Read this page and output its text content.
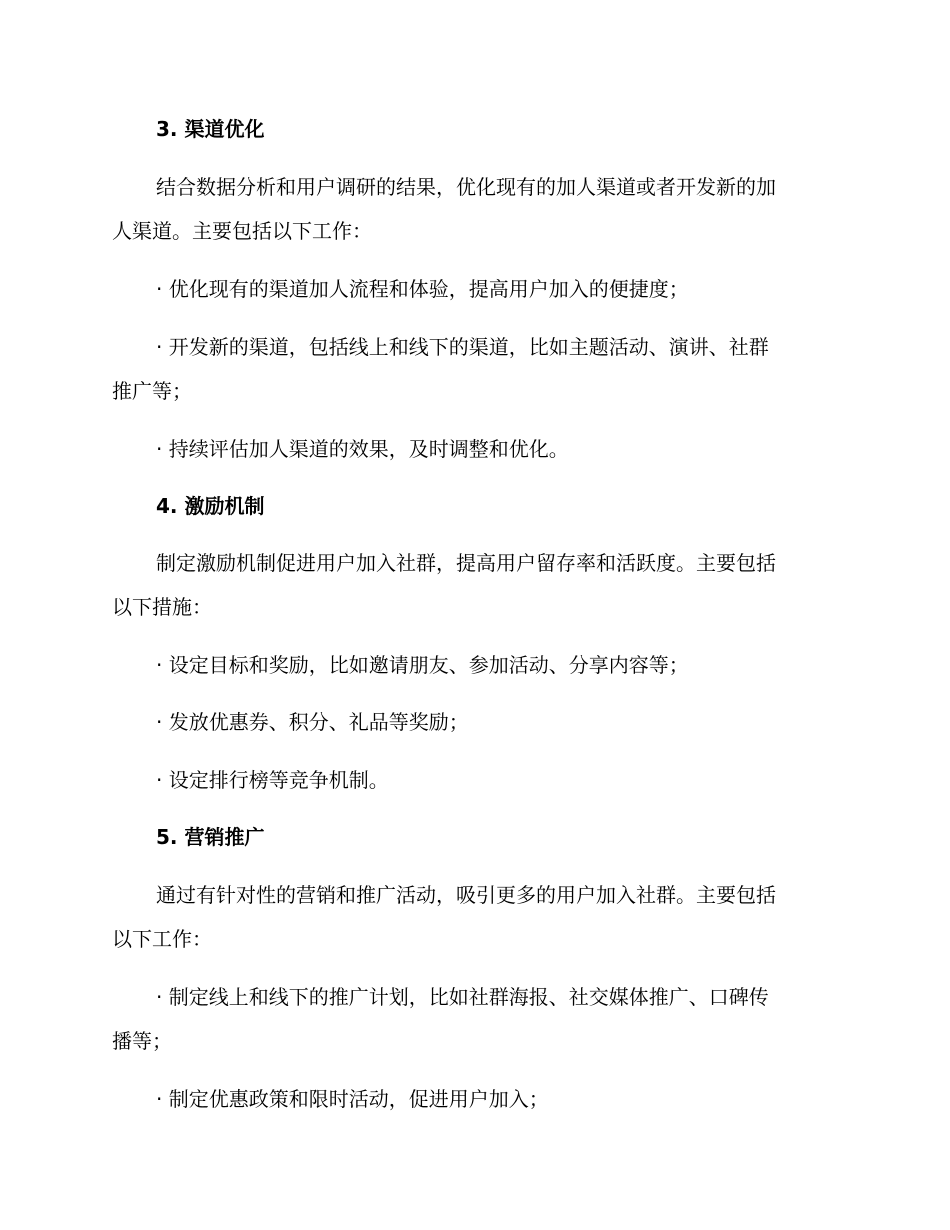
3. 渠道优化
结合数据分析和用户调研的结果，优化现有的加人渠道或者开发新的加
人渠道。主要包括以下工作：
· 优化现有的渠道加人流程和体验，提高用户加入的便捷度；
· 开发新的渠道，包括线上和线下的渠道，比如主题活动、演讲、社群
推广等；
· 持续评估加人渠道的效果，及时调整和优化。
4. 激励机制
制定激励机制促进用户加入社群，提高用户留存率和活跃度。主要包括
以下措施：
· 设定目标和奖励，比如邀请朋友、参加活动、分享内容等；
· 发放优惠券、积分、礼品等奖励；
· 设定排行榜等竞争机制。
5. 营销推广
通过有针对性的营销和推广活动，吸引更多的用户加入社群。主要包括
以下工作：
· 制定线上和线下的推广计划，比如社群海报、社交媒体推广、口碑传
播等；
· 制定优惠政策和限时活动，促进用户加入；
